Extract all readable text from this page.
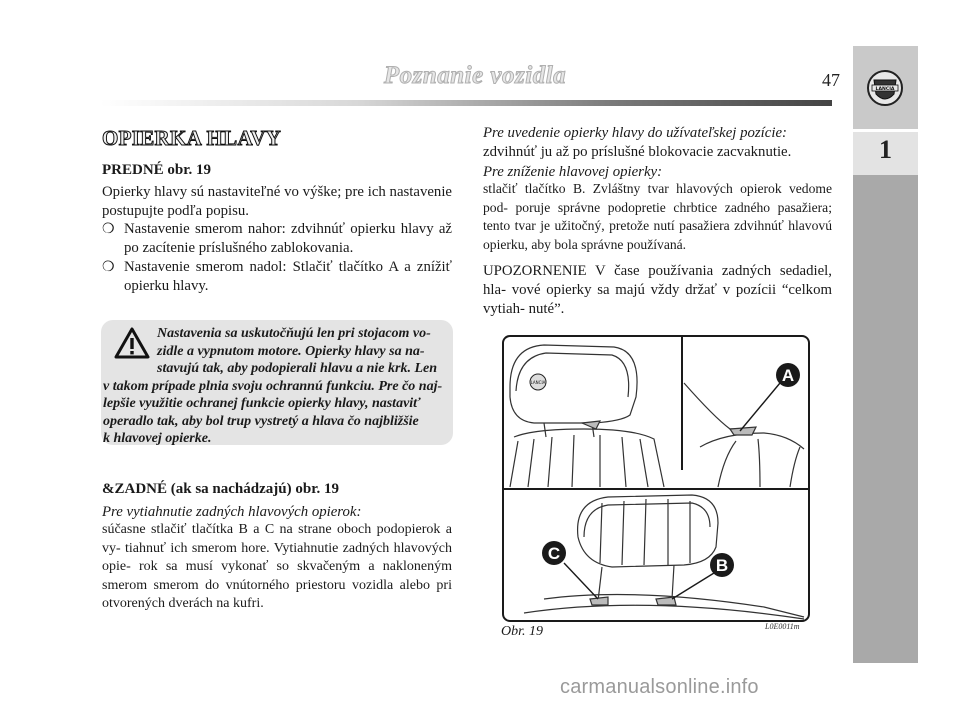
Poznanie vozidla	47	LANCIA
1
OPIERKA HLAVY
PREDNÉ obr. 19
Opierky hlavy sú nastaviteľné vo výške; pre ich nastavenie postupujte podľa popisu.
❍ Nastavenie smerom nahor: zdvihnúť opierku hlavy až po zacítenie príslušného zablokovania.
❍ Nastavenie smerom nadol: Stlačiť tlačítko A a znížiť opierku hlavy.
Nastavenia sa uskutočňujú len pri stojacom vo-
zidle a vypnutom motore. Opierky hlavy sa na-
stavujú tak, aby podopierali hlavu a nie krk. Len
v takom prípade plnia svoju ochrannú funkciu. Pre čo naj-
lepšie využitie ochranej funkcie opierky hlavy, nastaviť
operadlo tak, aby bol trup vystretý a hlava čo najbližšie
k hlavovej opierke.
&ZADNÉ (ak sa nachádzajú) obr. 19
Pre vytiahnutie zadných hlavových opierok:
súčasne stlačiť tlačítka B a C na strane oboch podopierok a vy- tiahnuť ich smerom hore. Vytiahnutie zadných hlavových opie- rok sa musí vykonať so skvačeným a nakloneným smerom smerom do vnútorného priestoru vozidla alebo pri otvorených dverách na kufri.
Pre uvedenie opierky hlavy do užívateľskej pozície:
zdvihnúť ju až po príslušné blokovacie zacvaknutie.
Pre zníženie hlavovej opierky:
stlačiť tlačítko B. Zvláštny tvar hlavových opierok vedome pod- poruje správne podopretie chrbtice zadného pasažiera; tento tvar je užitočný, pretože nutí pasažiera zdvihnúť hlavovú opierku, aby bola správne používaná.
UPOZORNENIE V čase používania zadných sedadiel, hla- vové opierky sa majú vždy držať v pozícii “celkom vytiah- nuté”.
LANCIA	A
C
B
Obr. 19	L0E0011m
carmanualsonline.info
